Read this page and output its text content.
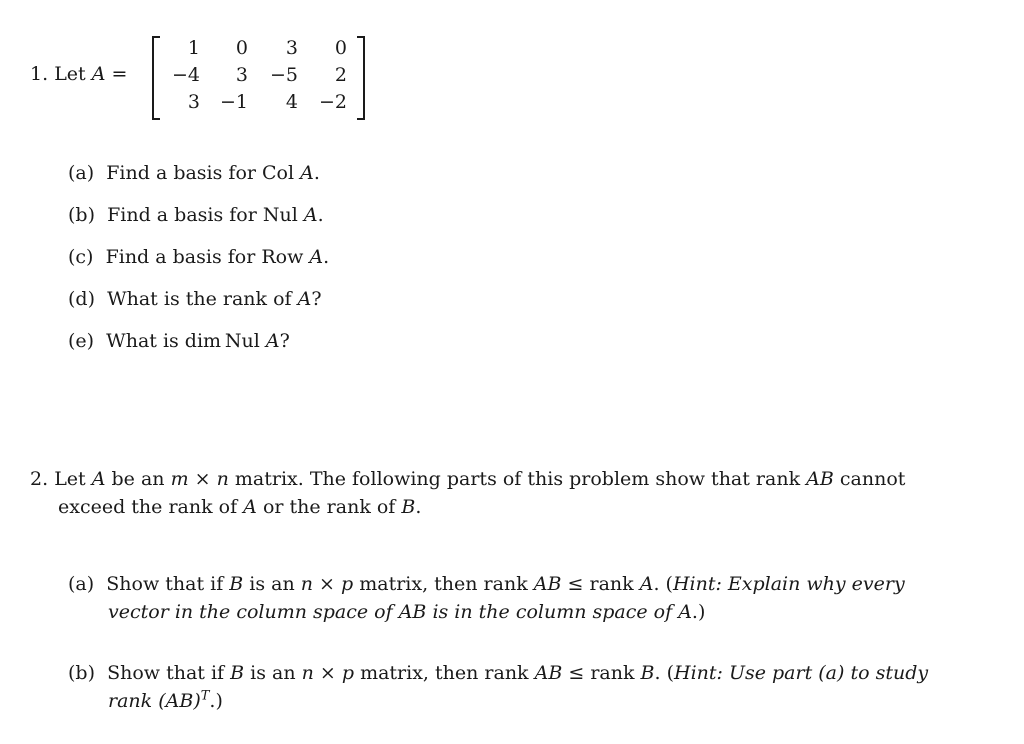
1. Let A =
1	0	3	0
−4	3	−5	2
3	−1	4	−2
(a) Find a basis for Col A.
(b) Find a basis for Nul A.
(c) Find a basis for Row A.
(d) What is the rank of A?
(e) What is dim Nul A?
2. Let A be an m × n matrix. The following parts of this problem show that rank AB cannot
exceed the rank of A or the rank of B.
(a) Show that if B is an n × p matrix, then rank AB ≤ rank A. (Hint: Explain why every
vector in the column space of AB is in the column space of A.)
(b) Show that if B is an n × p matrix, then rank AB ≤ rank B. (Hint: Use part (a) to study
rank (AB)$^T$.)
